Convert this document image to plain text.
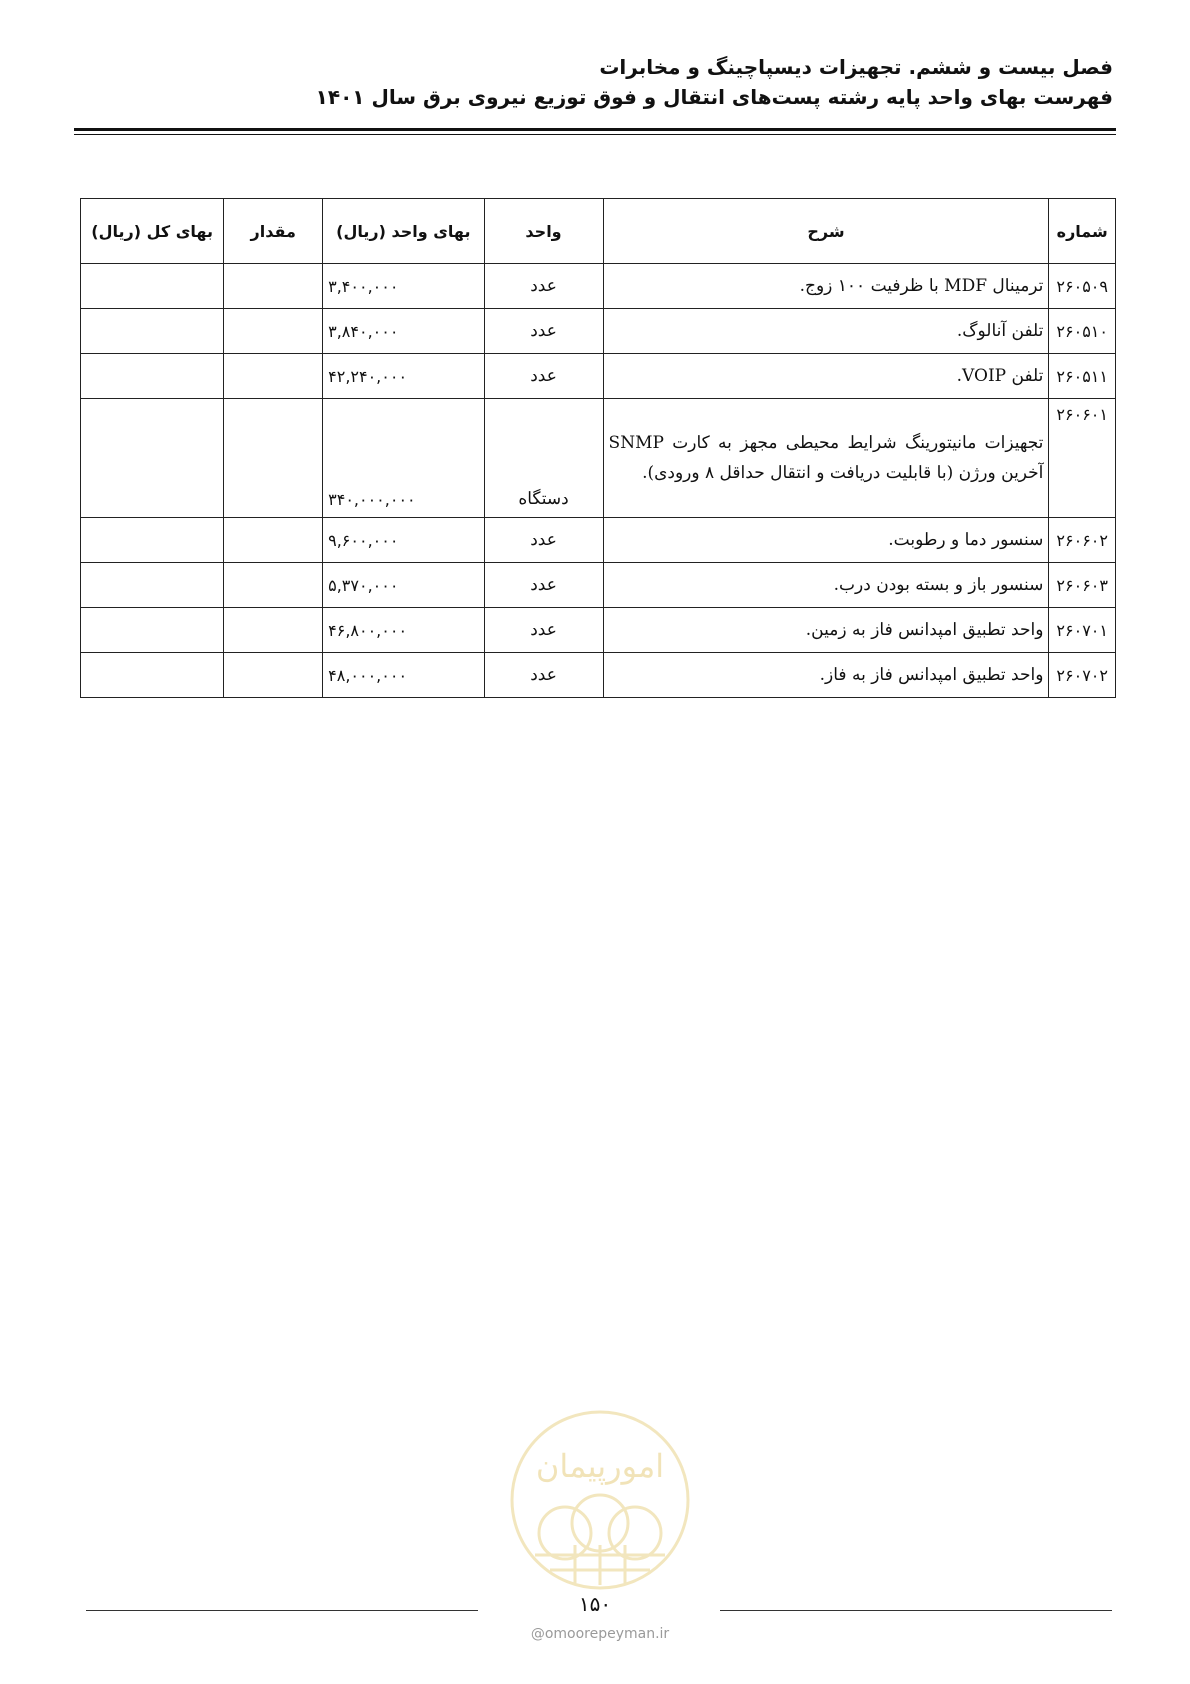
فصل بیست و ششم. تجهیزات دیسپاچینگ و مخابرات
فهرست بهای واحد پایه رشته پست‌های انتقال و فوق توزیع نیروی برق سال ۱۴۰۱
شماره	شرح	واحد	بهای واحد (ریال)	مقدار	بهای کل (ریال)
۲۶۰۵۰۹	ترمینال MDF با ظرفیت ۱۰۰ زوج.	عدد	۳,۴۰۰,۰۰۰		
۲۶۰۵۱۰	تلفن آنالوگ.	عدد	۳,۸۴۰,۰۰۰		
۲۶۰۵۱۱	تلفن VOIP.	عدد	۴۲,۲۴۰,۰۰۰		
۲۶۰۶۰۱	تجهیزات مانیتورینگ شرایط محیطی مجهز به کارت SNMP آخرین ورژن (با قابلیت دریافت و انتقال حداقل ۸ ورودی).	دستگاه	۳۴۰,۰۰۰,۰۰۰		
۲۶۰۶۰۲	سنسور دما و رطوبت.	عدد	۹,۶۰۰,۰۰۰		
۲۶۰۶۰۳	سنسور باز و بسته بودن درب.	عدد	۵,۳۷۰,۰۰۰		
۲۶۰۷۰۱	واحد تطبیق امپدانس فاز به زمین.	عدد	۴۶,۸۰۰,۰۰۰		
۲۶۰۷۰۲	واحد تطبیق امپدانس فاز به فاز.	عدد	۴۸,۰۰۰,۰۰۰		
امورپیمان
۱۵۰
@omoorepeyman.ir
